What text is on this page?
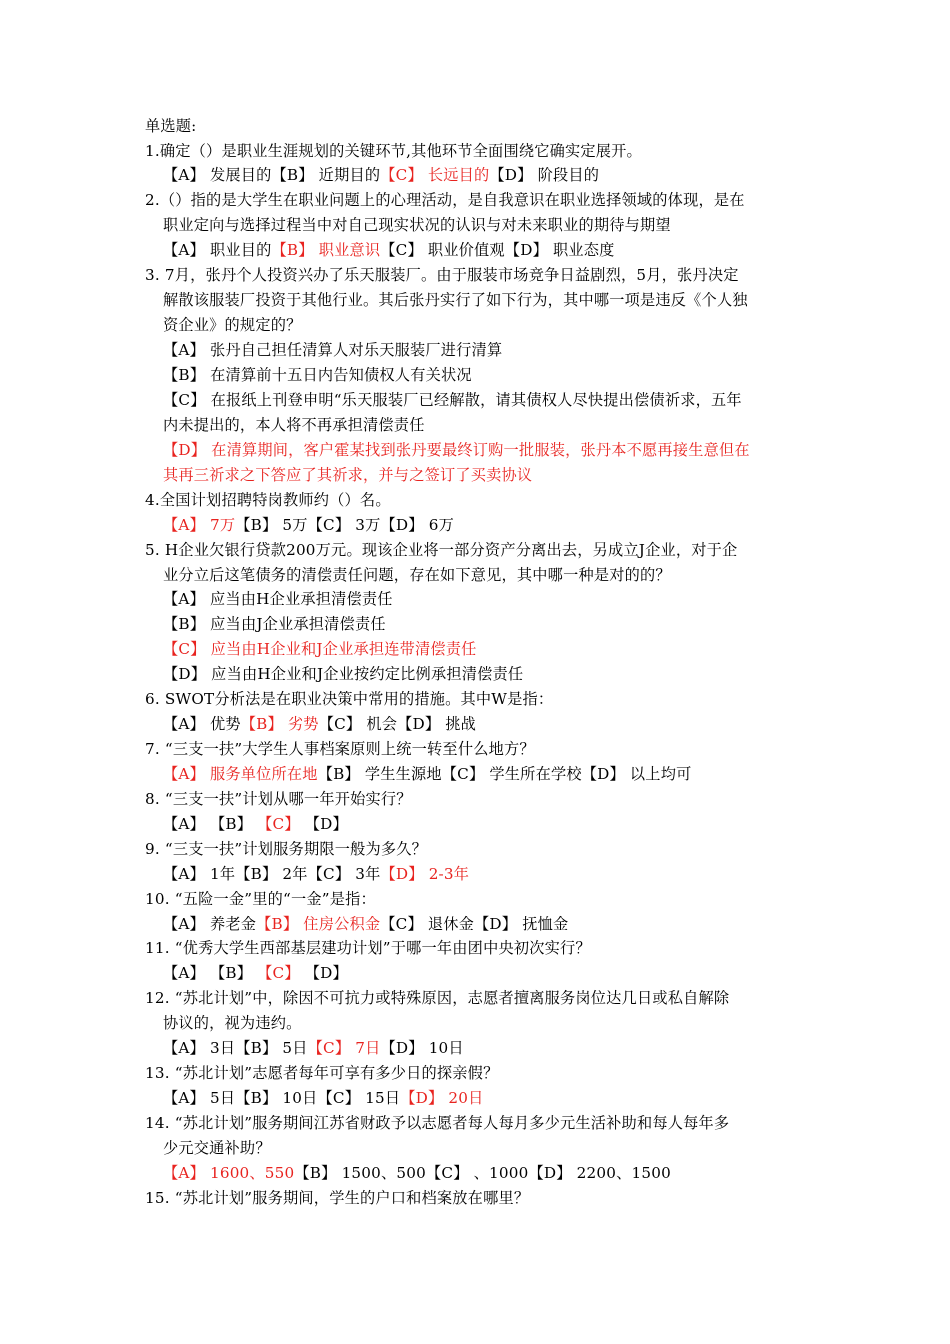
单选题:
1.确定（）是职业生涯规划的关键环节,其他环节全面围绕它确实定展开。
【A】 发展目的【B】 近期目的【C】 长远目的【D】 阶段目的
2.（）指的是大学生在职业问题上的心理活动，是自我意识在职业选择领域的体现，是在
职业定向与选择过程当中对自己现实状况的认识与对未来职业的期待与期望
【A】 职业目的【B】 职业意识【C】 职业价值观【D】 职业态度
3. 7月，张丹个人投资兴办了乐天服装厂。由于服装市场竞争日益剧烈，5月，张丹决定
解散该服装厂投资于其他行业。其后张丹实行了如下行为，其中哪一项是违反《个人独
资企业》的规定的？
【A】 张丹自己担任清算人对乐天服装厂进行清算
【B】 在清算前十五日内告知债权人有关状况
【C】 在报纸上刊登申明“乐天服装厂已经解散，请其债权人尽快提出偿债祈求，五年
内未提出的，本人将不再承担清偿责任
【D】 在清算期间，客户霍某找到张丹要最终订购一批服装，张丹本不愿再接生意但在
其再三祈求之下答应了其祈求，并与之签订了买卖协议
4.全国计划招聘特岗教师约（）名。
【A】 7万【B】 5万【C】 3万【D】 6万
5. H企业欠银行贷款200万元。现该企业将一部分资产分离出去，另成立J企业，对于企
业分立后这笔债务的清偿责任问题，存在如下意见，其中哪一种是对的的？
【A】 应当由H企业承担清偿责任
【B】 应当由J企业承担清偿责任
【C】 应当由H企业和J企业承担连带清偿责任
【D】 应当由H企业和J企业按约定比例承担清偿责任
6. SWOT分析法是在职业决策中常用的措施。其中W是指：
【A】 优势【B】 劣势【C】 机会【D】 挑战
7. “三支一扶”大学生人事档案原则上统一转至什么地方？
【A】 服务单位所在地【B】 学生生源地【C】 学生所在学校【D】 以上均可
8. “三支一扶”计划从哪一年开始实行？
【A】 【B】 【C】 【D】
9. “三支一扶”计划服务期限一般为多久？
【A】 1年【B】 2年【C】 3年【D】 2-3年
10. “五险一金”里的“一金”是指：
【A】 养老金【B】 住房公积金【C】 退休金【D】 抚恤金
11. “优秀大学生西部基层建功计划”于哪一年由团中央初次实行？
【A】 【B】 【C】 【D】
12. “苏北计划”中，除因不可抗力或特殊原因，志愿者擅离服务岗位达几日或私自解除
协议的，视为违约。
【A】 3日【B】 5日【C】 7日【D】 10日
13. “苏北计划”志愿者每年可享有多少日的探亲假？
【A】 5日【B】 10日【C】 15日【D】 20日
14. “苏北计划”服务期间江苏省财政予以志愿者每人每月多少元生活补助和每人每年多
少元交通补助？
【A】 1600、550【B】 1500、500【C】 、1000【D】 2200、1500
15. “苏北计划”服务期间，学生的户口和档案放在哪里？
